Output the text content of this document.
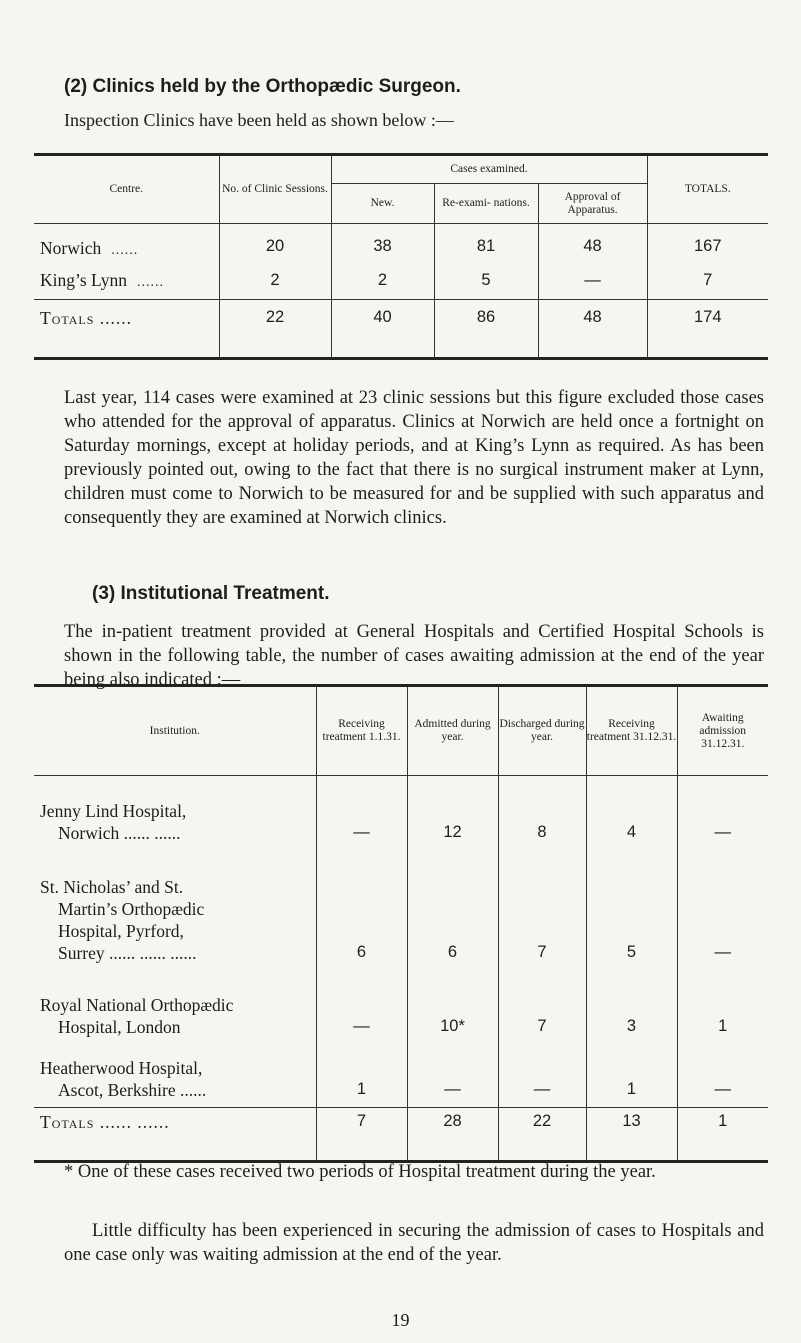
(2) Clinics held by the Orthopædic Surgeon.
Inspection Clinics have been held as shown below :—
Centre.	No. of Clinic Sessions.	Cases examined.			TOTALS.
		New.	Re-exami- nations.	Approval of Apparatus.	
Norwich ......	20	38	81	48	167
King’s Lynn ......	2	2	5	—	7
Totals ......	22	40	86	48	174
Last year, 114 cases were examined at 23 clinic sessions but this figure excluded those cases who attended for the approval of apparatus. Clinics at Norwich are held once a fortnight on Saturday mornings, except at holiday periods, and at King’s Lynn as required. As has been previously pointed out, owing to the fact that there is no surgical instrument maker at Lynn, children must come to Norwich to be measured for and be supplied with such apparatus and consequently they are examined at Norwich clinics.
(3) Institutional Treatment.
The in-patient treatment provided at General Hospitals and Certified Hospital Schools is shown in the following table, the number of cases awaiting admission at the end of the year being also indicated :—
Institution.	Receiving treatment 1.1.31.	Admitted during year.	Discharged during year.	Receiving treatment 31.12.31.	Awaiting admission 31.12.31.

Jenny Lind Hospital,
Norwich ...... ......	—	12	8	4	—

St. Nicholas’ and St.
Martin’s Orthopædic
Hospital, Pyrford,
Surrey ...... ...... ......	6	6	7	5	—

Royal National Orthopædic
Hospital, London	—	10*	7	3	1

Heatherwood Hospital,
Ascot, Berkshire ......	1	—	—	1	—
Totals ...... ......	7	28	22	13	1
* One of these cases received two periods of Hospital treatment during the year.
Little difficulty has been experienced in securing the admission of cases to Hospitals and one case only was waiting admission at the end of the year.
19
